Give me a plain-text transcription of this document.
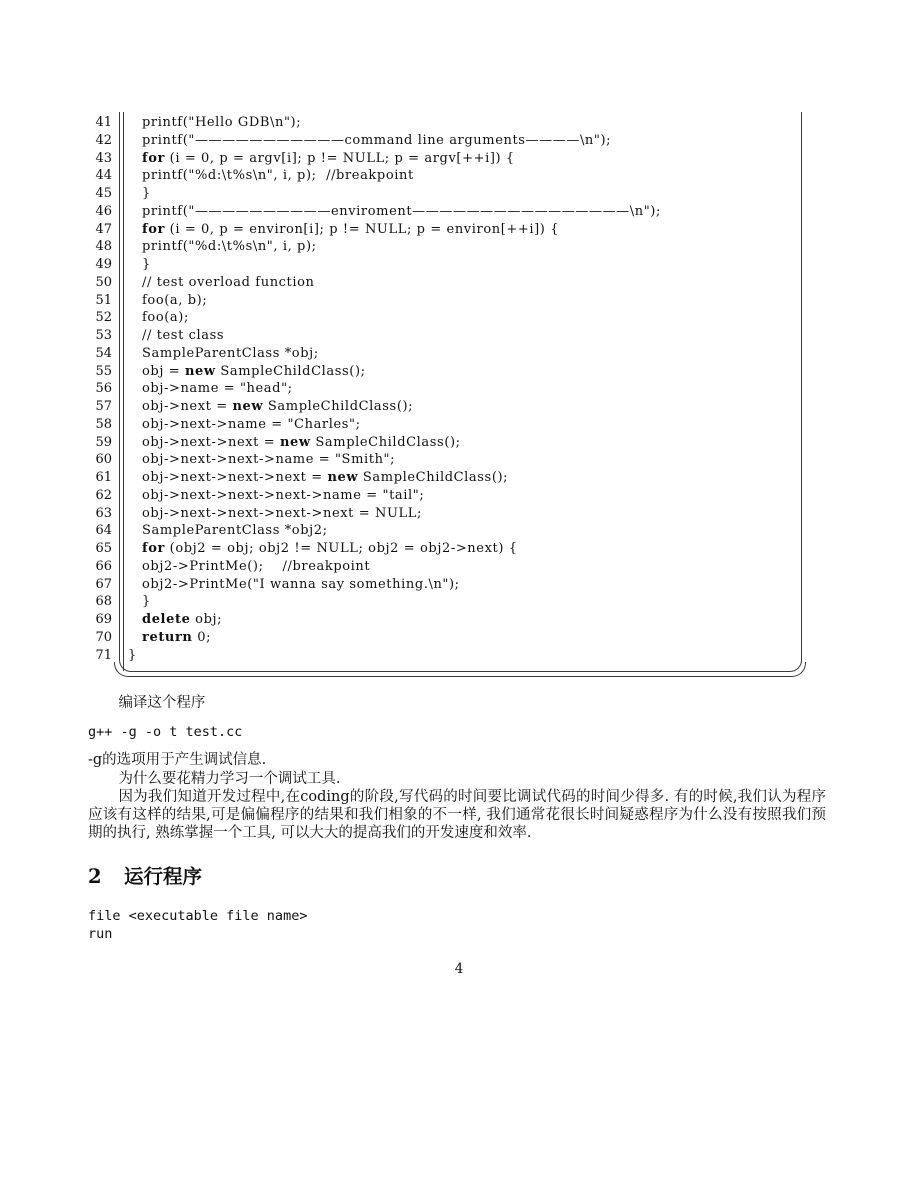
41 printf("Hello GDB\n");
42 printf("———————————command line arguments————\n");
43 for (i = 0, p = argv[i]; p != NULL; p = argv[++i]) {
44 printf("%d:\t%s\n", i, p);  //breakpoint
45 }
46 printf("——————————enviroment————————————————\n");
47 for (i = 0, p = environ[i]; p != NULL; p = environ[++i]) {
48 printf("%d:\t%s\n", i, p);
49 }
50 // test overload function
51 foo(a, b);
52 foo(a);
53 // test class
54 SampleParentClass *obj;
55 obj = new SampleChildClass();
56 obj->name = "head";
57 obj->next = new SampleChildClass();
58 obj->next->name = "Charles";
59 obj->next->next = new SampleChildClass();
60 obj->next->next->name = "Smith";
61 obj->next->next->next = new SampleChildClass();
62 obj->next->next->next->name = "tail";
63 obj->next->next->next->next = NULL;
64 SampleParentClass *obj2;
65 for (obj2 = obj; obj2 != NULL; obj2 = obj2->next) {
66 obj2->PrintMe();    //breakpoint
67 obj2->PrintMe("I wanna say something.\n");
68 }
69 delete obj;
70 return 0;
71 }

编译这个程序

g++ -g -o t test.cc

-g的选项用于产生调试信息.

为什么要花精力学习一个调试工具.

因为我们知道开发过程中,在coding的阶段,写代码的时间要比调试代码的时间少得多. 有的时候,我们认为程序应该有这样的结果,可是偏偏程序的结果和我们相象的不一样, 我们通常花很长时间疑惑程序为什么没有按照我们预期的执行, 熟练掌握一个工具, 可以大大的提高我们的开发速度和效率.

2 运行程序
file <executable file name>
run
4
